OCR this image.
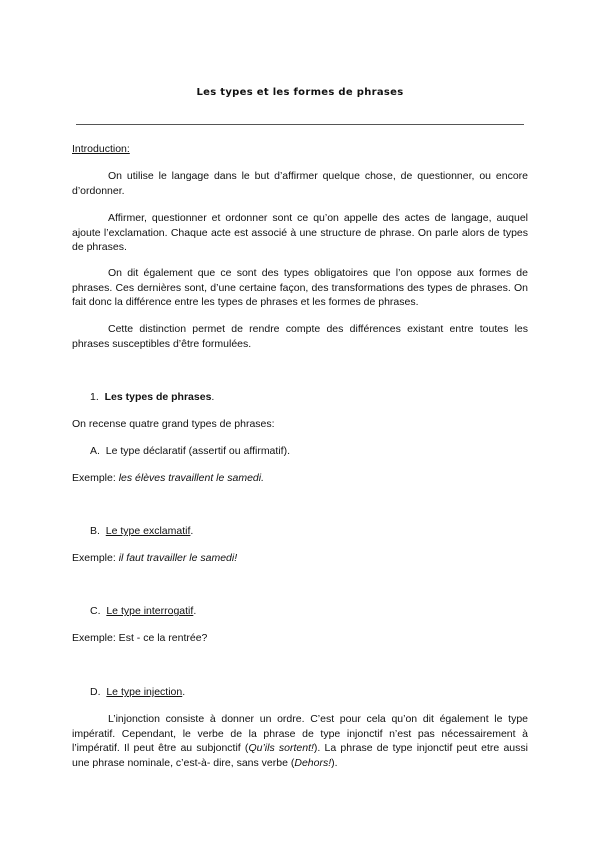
Les types et les formes de phrases
Introduction:
On utilise le langage dans le but d’affirmer quelque chose, de questionner, ou encore d’ordonner.
Affirmer, questionner et ordonner sont ce qu’on appelle des actes de langage, auquel ajoute l’exclamation. Chaque acte est associé à une structure de phrase. On parle alors de types de phrases.
On dit également que ce sont des types obligatoires que l’on oppose aux formes de phrases. Ces dernières sont, d’une certaine façon, des transformations des types de phrases. On fait donc la différence entre les types de phrases et les formes de phrases.
Cette distinction permet de rendre compte des différences existant entre toutes les phrases susceptibles d’être formulées.
1. Les types de phrases.
On recense quatre grand types de phrases:
A. Le type déclaratif (assertif ou affirmatif).
Exemple: les élèves travaillent le samedi.
B. Le type exclamatif.
Exemple: il faut travailler le samedi!
C. Le type interrogatif.
Exemple: Est - ce la rentrée?
D. Le type injection.
L’injonction consiste à donner un ordre. C’est pour cela qu’on dit également le type impératif. Cependant, le verbe de la phrase de type injonctif n’est pas nécessairement à l’impératif. Il peut être au subjonctif (Qu’ils sortent!). La phrase de type injonctif peut etre aussi une phrase nominale, c’est-à- dire, sans verbe (Dehors!).
